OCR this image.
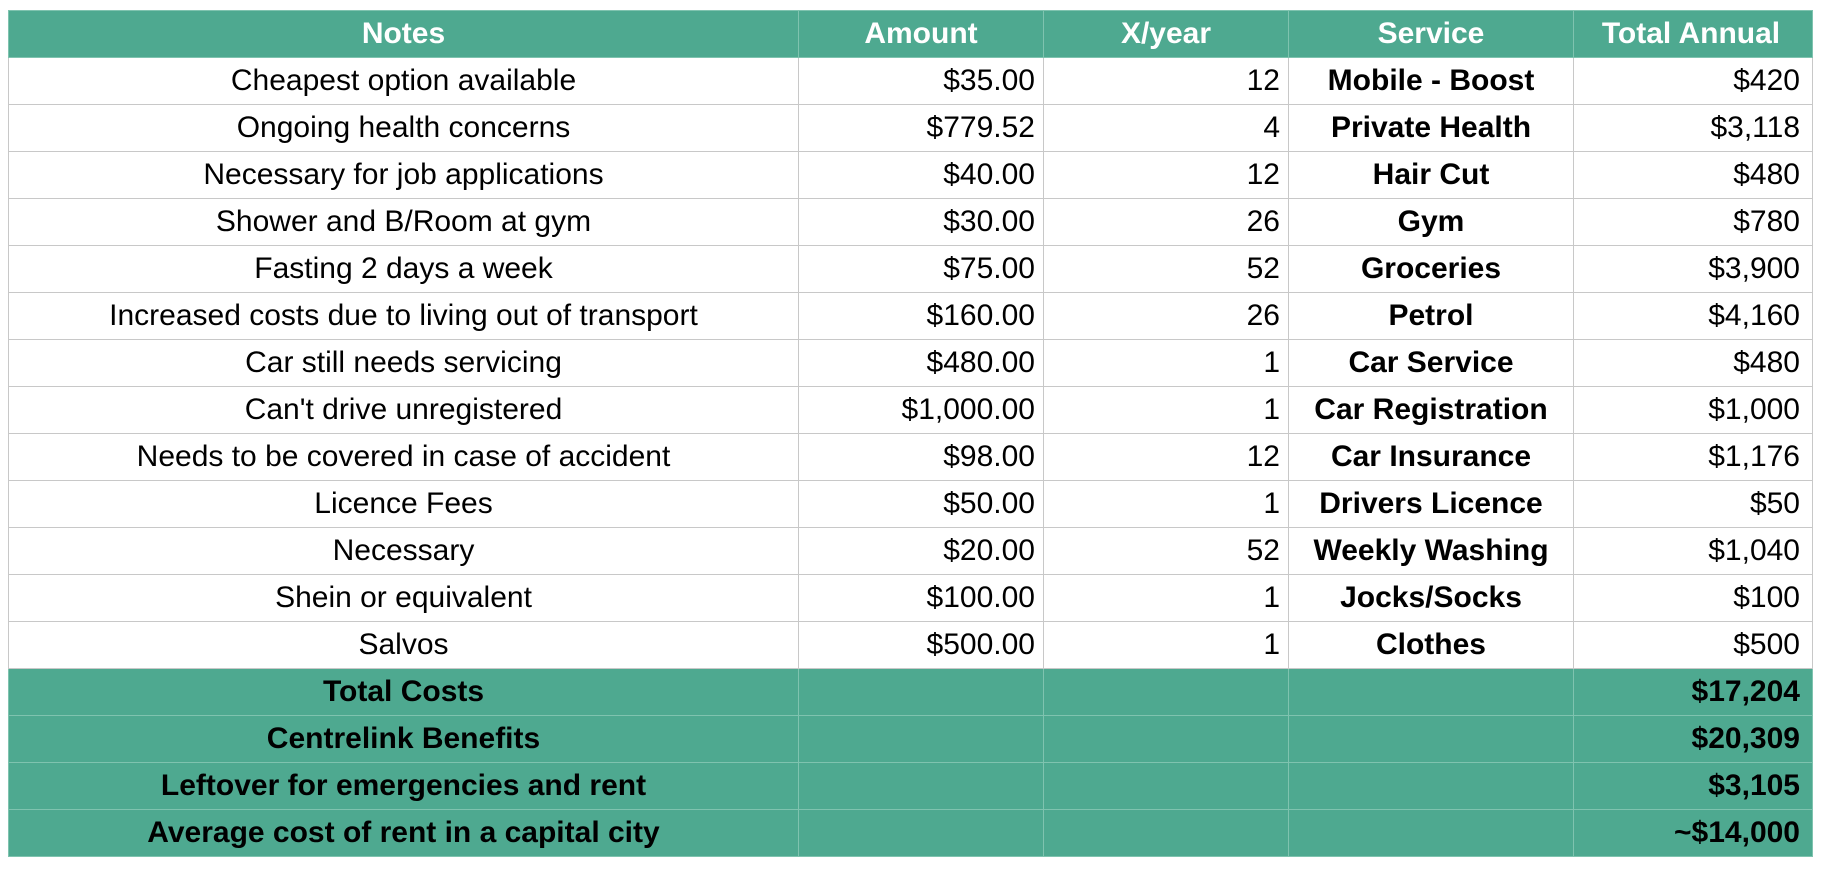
Notes	Amount	X/year	Service	Total Annual
Cheapest option available	$35.00	12	Mobile - Boost	$420
Ongoing health concerns	$779.52	4	Private Health	$3,118
Necessary for job applications	$40.00	12	Hair Cut	$480
Shower and B/Room at gym	$30.00	26	Gym	$780
Fasting 2 days a week	$75.00	52	Groceries	$3,900
Increased costs due to living out of transport	$160.00	26	Petrol	$4,160
Car still needs servicing	$480.00	1	Car Service	$480
Can't drive unregistered	$1,000.00	1	Car Registration	$1,000
Needs to be covered in case of accident	$98.00	12	Car Insurance	$1,176
Licence Fees	$50.00	1	Drivers Licence	$50
Necessary	$20.00	52	Weekly Washing	$1,040
Shein or equivalent	$100.00	1	Jocks/Socks	$100
Salvos	$500.00	1	Clothes	$500
Total Costs				$17,204
Centrelink Benefits				$20,309
Leftover for emergencies and rent				$3,105
Average cost of rent in a capital city				~$14,000
